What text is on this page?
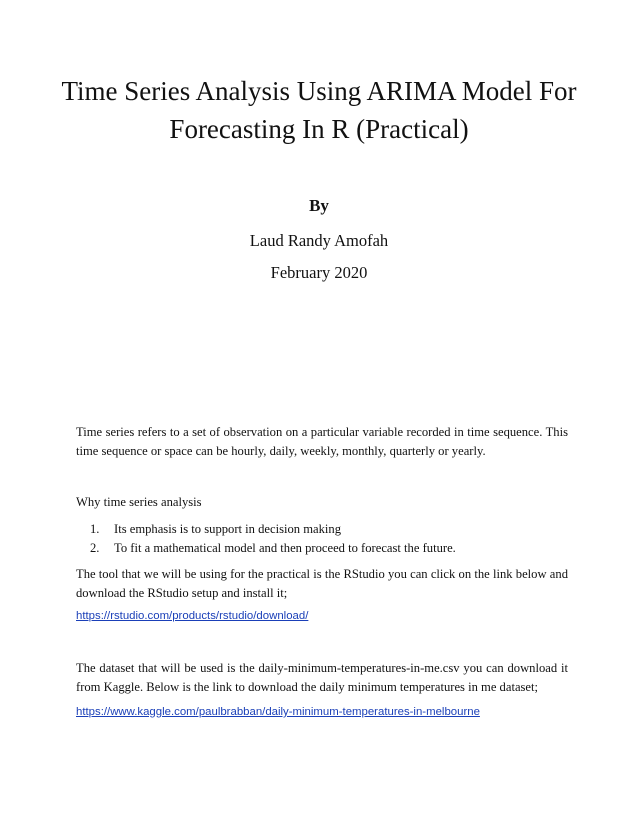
Time Series Analysis Using ARIMA Model For
Forecasting In R (Practical)
By
Laud Randy Amofah
February 2020

Time series refers to a set of observation on a particular variable recorded in time sequence. This time sequence or space can be hourly, daily, weekly, monthly, quarterly or yearly.

Why time series analysis

1. Its emphasis is to support in decision making
2. To fit a mathematical model and then proceed to forecast the future.

The tool that we will be using for the practical is the RStudio you can click on the link below and download the RStudio setup and install it;

https://rstudio.com/products/rstudio/download/

The dataset that will be used is the daily-minimum-temperatures-in-me.csv you can download it from Kaggle. Below is the link to download the daily minimum temperatures in me dataset;

https://www.kaggle.com/paulbrabban/daily-minimum-temperatures-in-melbourne
